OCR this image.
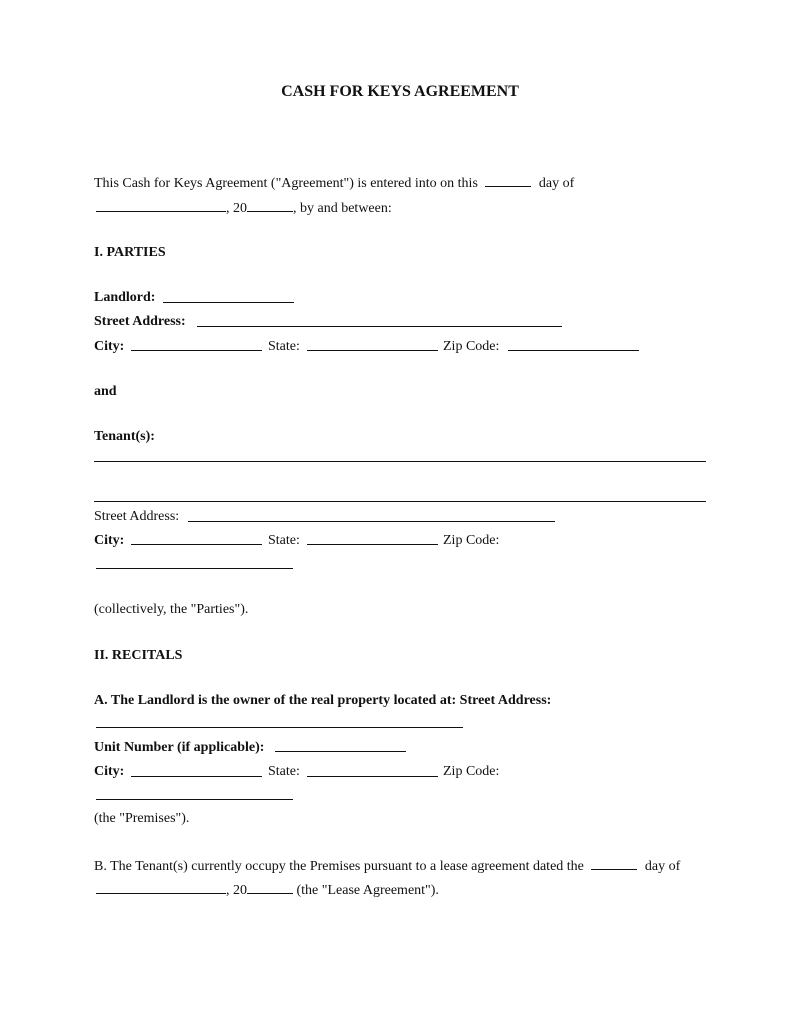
CASH FOR KEYS AGREEMENT
This Cash for Keys Agreement ("Agreement") is entered into on this	day of
, 20	, by and between:
I. PARTIES
Landlord:
Street Address:
City:	State:	Zip Code:
and
Tenant(s):
Street Address:
City:	State:	Zip Code:
(collectively, the "Parties").
II. RECITALS
A. The Landlord is the owner of the real property located at: Street Address:
Unit Number (if applicable):
City:	State:	Zip Code:
(the "Premises").
B. The Tenant(s) currently occupy the Premises pursuant to a lease agreement dated the	day of
, 20	(the "Lease Agreement").
